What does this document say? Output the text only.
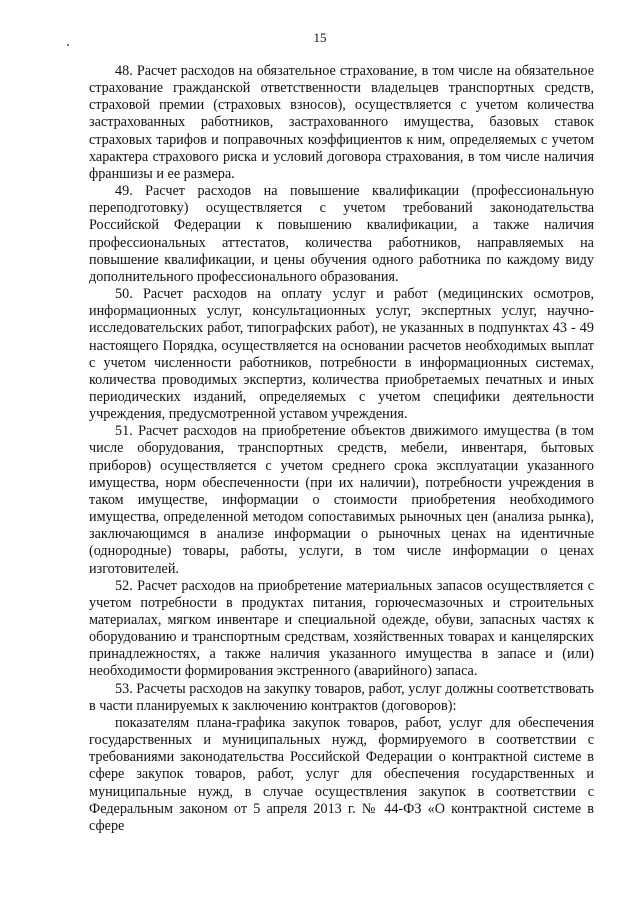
15

48. Расчет расходов на обязательное страхование, в том числе на обязательное страхование гражданской ответственности владельцев транспортных средств, страховой премии (страховых взносов), осуществляется с учетом количества застрахованных работников, застрахованного имущества, базовых ставок страховых тарифов и поправочных коэффициентов к ним, определяемых с учетом характера страхового риска и условий договора страхования, в том числе наличия франшизы и ее размера.

49. Расчет расходов на повышение квалификации (профессиональную переподготовку) осуществляется с учетом требований законодательства Российской Федерации к повышению квалификации, а также наличия профессиональных аттестатов, количества работников, направляемых на повышение квалификации, и цены обучения одного работника по каждому виду дополнительного профессионального образования.

50. Расчет расходов на оплату услуг и работ (медицинских осмотров, информационных услуг, консультационных услуг, экспертных услуг, научно-исследовательских работ, типографских работ), не указанных в подпунктах 43 - 49 настоящего Порядка, осуществляется на основании расчетов необходимых выплат с учетом численности работников, потребности в информационных системах, количества проводимых экспертиз, количества приобретаемых печатных и иных периодических изданий, определяемых с учетом специфики деятельности учреждения, предусмотренной уставом учреждения.

51. Расчет расходов на приобретение объектов движимого имущества (в том числе оборудования, транспортных средств, мебели, инвентаря, бытовых приборов) осуществляется с учетом среднего срока эксплуатации указанного имущества, норм обеспеченности (при их наличии), потребности учреждения в таком имуществе, информации о стоимости приобретения необходимого имущества, определенной методом сопоставимых рыночных цен (анализа рынка), заключающимся в анализе информации о рыночных ценах на идентичные (однородные) товары, работы, услуги, в том числе информации о ценах изготовителей.

52. Расчет расходов на приобретение материальных запасов осуществляется с учетом потребности в продуктах питания, горючесмазочных и строительных материалах, мягком инвентаре и специальной одежде, обуви, запасных частях к оборудованию и транспортным средствам, хозяйственных товарах и канцелярских принадлежностях, а также наличия указанного имущества в запасе и (или) необходимости формирования экстренного (аварийного) запаса.

53. Расчеты расходов на закупку товаров, работ, услуг должны соответствовать в части планируемых к заключению контрактов (договоров):

показателям плана-графика закупок товаров, работ, услуг для обеспечения государственных и муниципальных нужд, формируемого в соответствии с требованиями законодательства Российской Федерации о контрактной системе в сфере закупок товаров, работ, услуг для обеспечения государственных и муниципальные нужд, в случае осуществления закупок в соответствии с Федеральным законом от 5 апреля 2013 г. № 44-ФЗ «О контрактной системе в сфере
